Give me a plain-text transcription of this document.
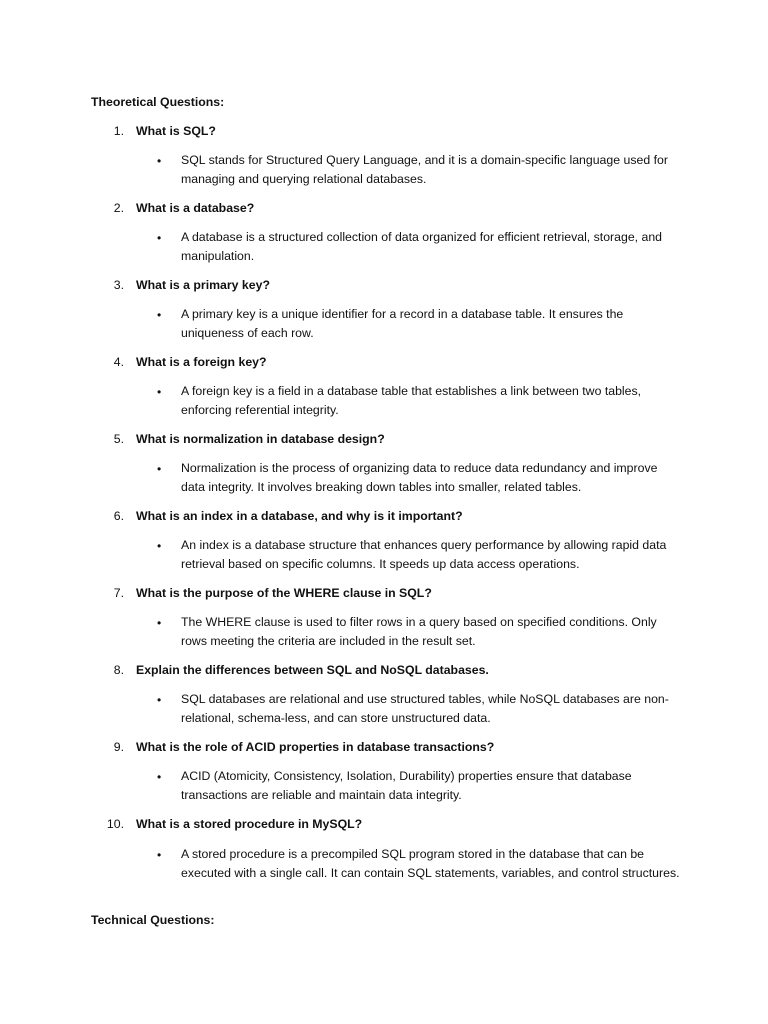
Theoretical Questions:

1. What is SQL?
• SQL stands for Structured Query Language, and it is a domain-specific language used for managing and querying relational databases.
2. What is a database?
• A database is a structured collection of data organized for efficient retrieval, storage, and manipulation.
3. What is a primary key?
• A primary key is a unique identifier for a record in a database table. It ensures the uniqueness of each row.
4. What is a foreign key?
• A foreign key is a field in a database table that establishes a link between two tables, enforcing referential integrity.
5. What is normalization in database design?
• Normalization is the process of organizing data to reduce data redundancy and improve data integrity. It involves breaking down tables into smaller, related tables.
6. What is an index in a database, and why is it important?
• An index is a database structure that enhances query performance by allowing rapid data retrieval based on specific columns. It speeds up data access operations.
7. What is the purpose of the WHERE clause in SQL?
• The WHERE clause is used to filter rows in a query based on specified conditions. Only rows meeting the criteria are included in the result set.
8. Explain the differences between SQL and NoSQL databases.
• SQL databases are relational and use structured tables, while NoSQL databases are non-relational, schema-less, and can store unstructured data.
9. What is the role of ACID properties in database transactions?
• ACID (Atomicity, Consistency, Isolation, Durability) properties ensure that database transactions are reliable and maintain data integrity.
10. What is a stored procedure in MySQL?
• A stored procedure is a precompiled SQL program stored in the database that can be executed with a single call. It can contain SQL statements, variables, and control structures.

Technical Questions:
